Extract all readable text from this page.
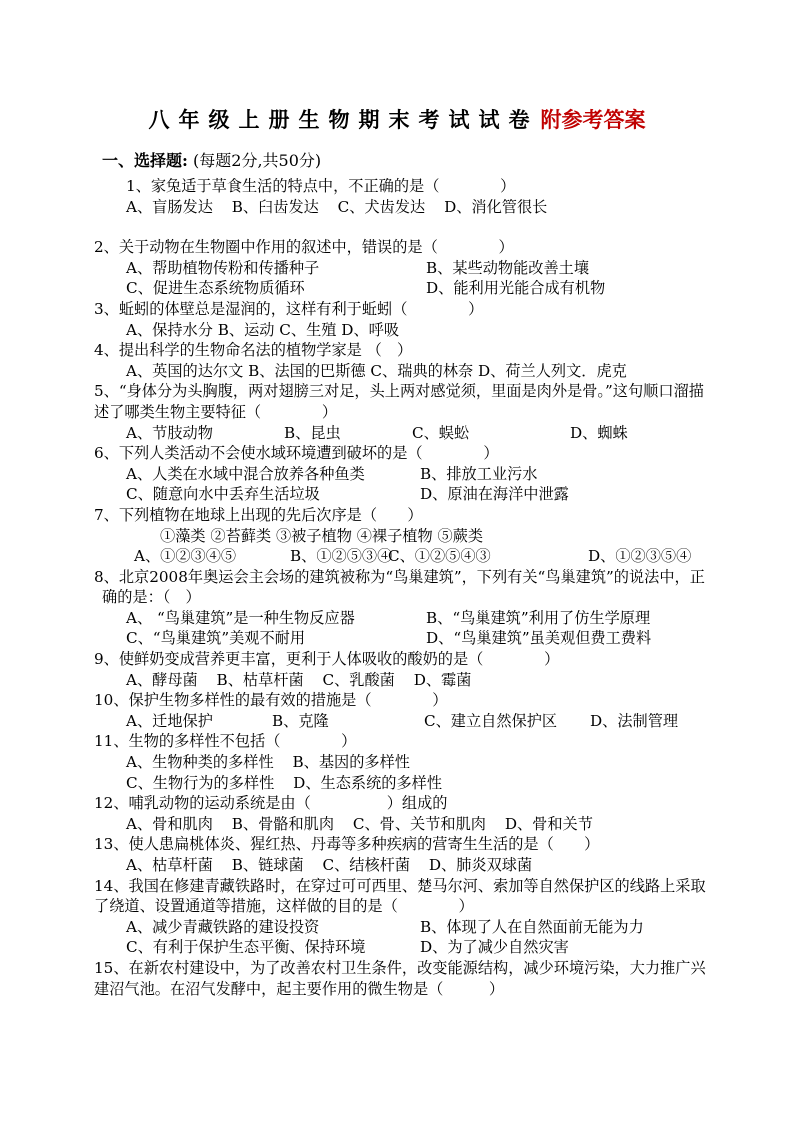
八年级上册生物期末考试试卷附参考答案
一、选择题: (每题2分,共50分)
1、家兔适于草食生活的特点中，不正确的是（　　　　）
A、盲肠发达 B、臼齿发达 C、犬齿发达 D、消化管很长
2、关于动物在生物圈中作用的叙述中，错误的是（　　　　）
A、帮助植物传粉和传播种子	B、某些动物能改善土壤
C、促进生态系统物质循环	D、能利用光能合成有机物
3、蚯蚓的体壁总是湿润的，这样有利于蚯蚓（　　　　）
A、保持水分 B、运动 C、生殖 D、呼吸
4、提出科学的生物命名法的植物学家是 （　）
A、英国的达尔文 B、法国的巴斯德 C、瑞典的林奈 D、荷兰人列文．虎克
5、“身体分为头胸腹，两对翅膀三对足，头上两对感觉须，里面是肉外是骨。”这句顺口溜描述了哪类生物主要特征（　　　　）
A、节肢动物	B、昆虫	C、蜈蚣	D、蜘蛛
6、下列人类活动不会使水域环境遭到破坏的是（　　　　）
A、人类在水域中混合放养各种鱼类	B、排放工业污水
C、随意向水中丢弃生活垃圾	D、原油在海洋中泄露
7、下列植物在地球上出现的先后次序是（　　）
①藻类 ②苔藓类 ③被子植物 ④裸子植物 ⑤蕨类
A、①②③④⑤	B、①②⑤③④C、①②⑤④③	D、①②③⑤④
8、北京2008年奥运会主会场的建筑被称为“鸟巢建筑”，下列有关“鸟巢建筑”的说法中，正确的是：（　）
A、 “鸟巢建筑”是一种生物反应器	B、“鸟巢建筑”利用了仿生学原理
C、“鸟巢建筑”美观不耐用	D、“鸟巢建筑”虽美观但费工费料
9、使鲜奶变成营养更丰富，更利于人体吸收的酸奶的是（　　　　）
A、酵母菌 B、枯草杆菌 C、乳酸菌 D、霉菌
10、保护生物多样性的最有效的措施是（　　　　）
A、迁地保护	B、克隆	C、建立自然保护区 D、法制管理
11、生物的多样性不包括（　　　　）
A、生物种类的多样性 B、基因的多样性
C、生物行为的多样性 D、生态系统的多样性
12、哺乳动物的运动系统是由（　　　　　）组成的
A、骨和肌肉 B、骨骼和肌肉 C、骨、关节和肌肉 D、骨和关节
13、使人患扁桃体炎、猩红热、丹毒等多种疾病的营寄生生活的是（　　）
A、枯草杆菌 B、链球菌 C、结核杆菌 D、肺炎双球菌
14、我国在修建青藏铁路时，在穿过可可西里、楚马尔河、索加等自然保护区的线路上采取了绕道、设置通道等措施，这样做的目的是（　　　　）
A、减少青藏铁路的建设投资	B、体现了人在自然面前无能为力
C、有利于保护生态平衡、保持环境	D、为了减少自然灾害
15、在新农村建设中，为了改善农村卫生条件，改变能源结构，减少环境污染，大力推广兴建沼气池。在沼气发酵中，起主要作用的微生物是（　　　）
